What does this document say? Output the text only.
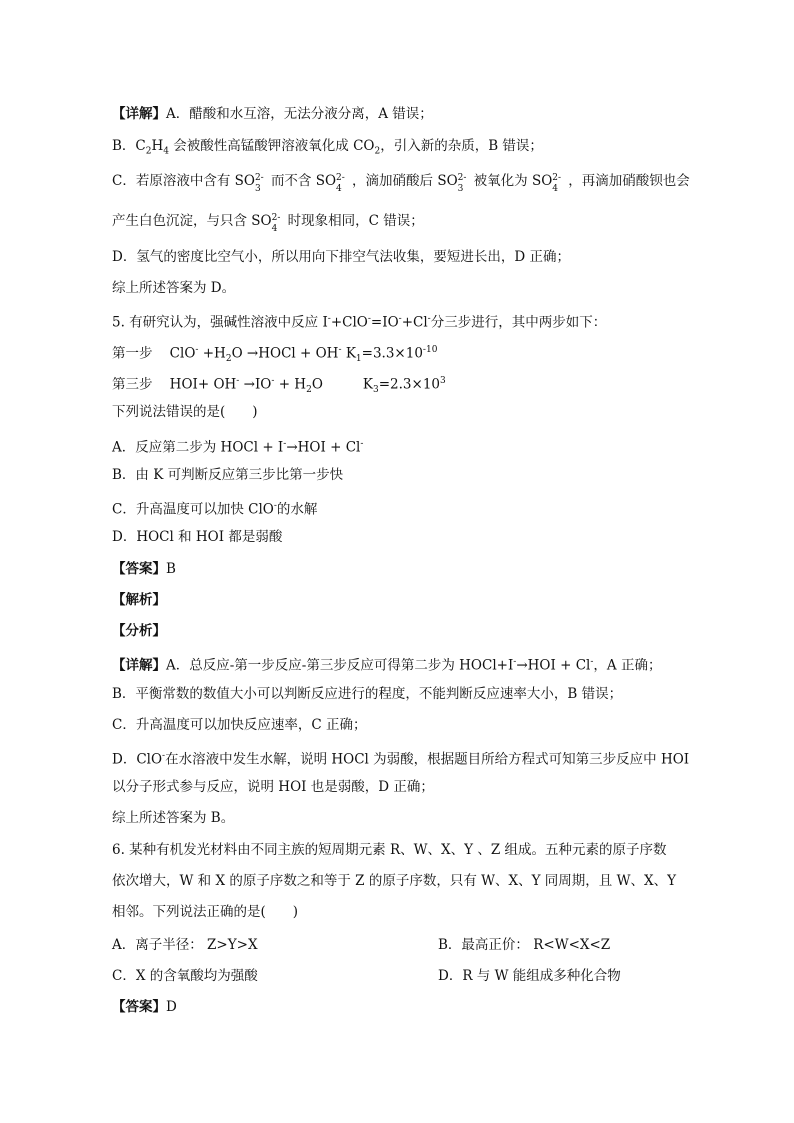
【详解】A．醋酸和水互溶，无法分液分离，A 错误；
B．$C_2H_4$ 会被酸性高锰酸钾溶液氧化成 $CO_2$，引入新的杂质，B 错误；
C．若原溶液中含有 SO 2-
3 而不含 SO 2-
4 ，滴加硝酸后 SO 2-
3 被氧化为 SO 2-
4 ，再滴加硝酸钡也会
产生白色沉淀，与只含 SO 2-
4 时现象相同，C 错误；
D．氢气的密度比空气小，所以用向下排空气法收集，要短进长出，D 正确；
综上所述答案为 D。
5. 有研究认为，强碱性溶液中反应 I-+ClO-=IO-+Cl-分三步进行，其中两步如下：
第一步 $ClO^- +H_2O$ →HOCl + OH- $K_1=3.3\times 10^{-10}$
第三步 $HOI+ OH^- \to IO^- + H_2O$	$K_3=2.3\times 10^3$
下列说法错误的是(　　)
A．反应第二步为 HOCl + I-→HOI + Cl-
B．由 K 可判断反应第三步比第一步快
C．升高温度可以加快 ClO-的水解
D．HOCl 和 HOI 都是弱酸
【答案】B
【解析】
【分析】
【详解】A．总反应-第一步反应-第三步反应可得第二步为 HOCl+I-→HOI + Cl-，A 正确；
B．平衡常数的数值大小可以判断反应进行的程度，不能判断反应速率大小，B 错误；
C．升高温度可以加快反应速率，C 正确；
D．ClO-在水溶液中发生水解，说明 HOCl 为弱酸，根据题目所给方程式可知第三步反应中 HOI
以分子形式参与反应，说明 HOI 也是弱酸，D 正确；
综上所述答案为 B。
6. 某种有机发光材料由不同主族的短周期元素 R、W、X、Y 、Z 组成。五种元素的原子序数
依次增大，W 和 X 的原子序数之和等于 Z 的原子序数，只有 W、X、Y 同周期，且 W、X、Y
相邻。下列说法正确的是(　　)
A．离子半径： Z>Y>X	B．最高正价： R<W<X<Z
C．X 的含氧酸均为强酸	D．R 与 W 能组成多种化合物
【答案】D
